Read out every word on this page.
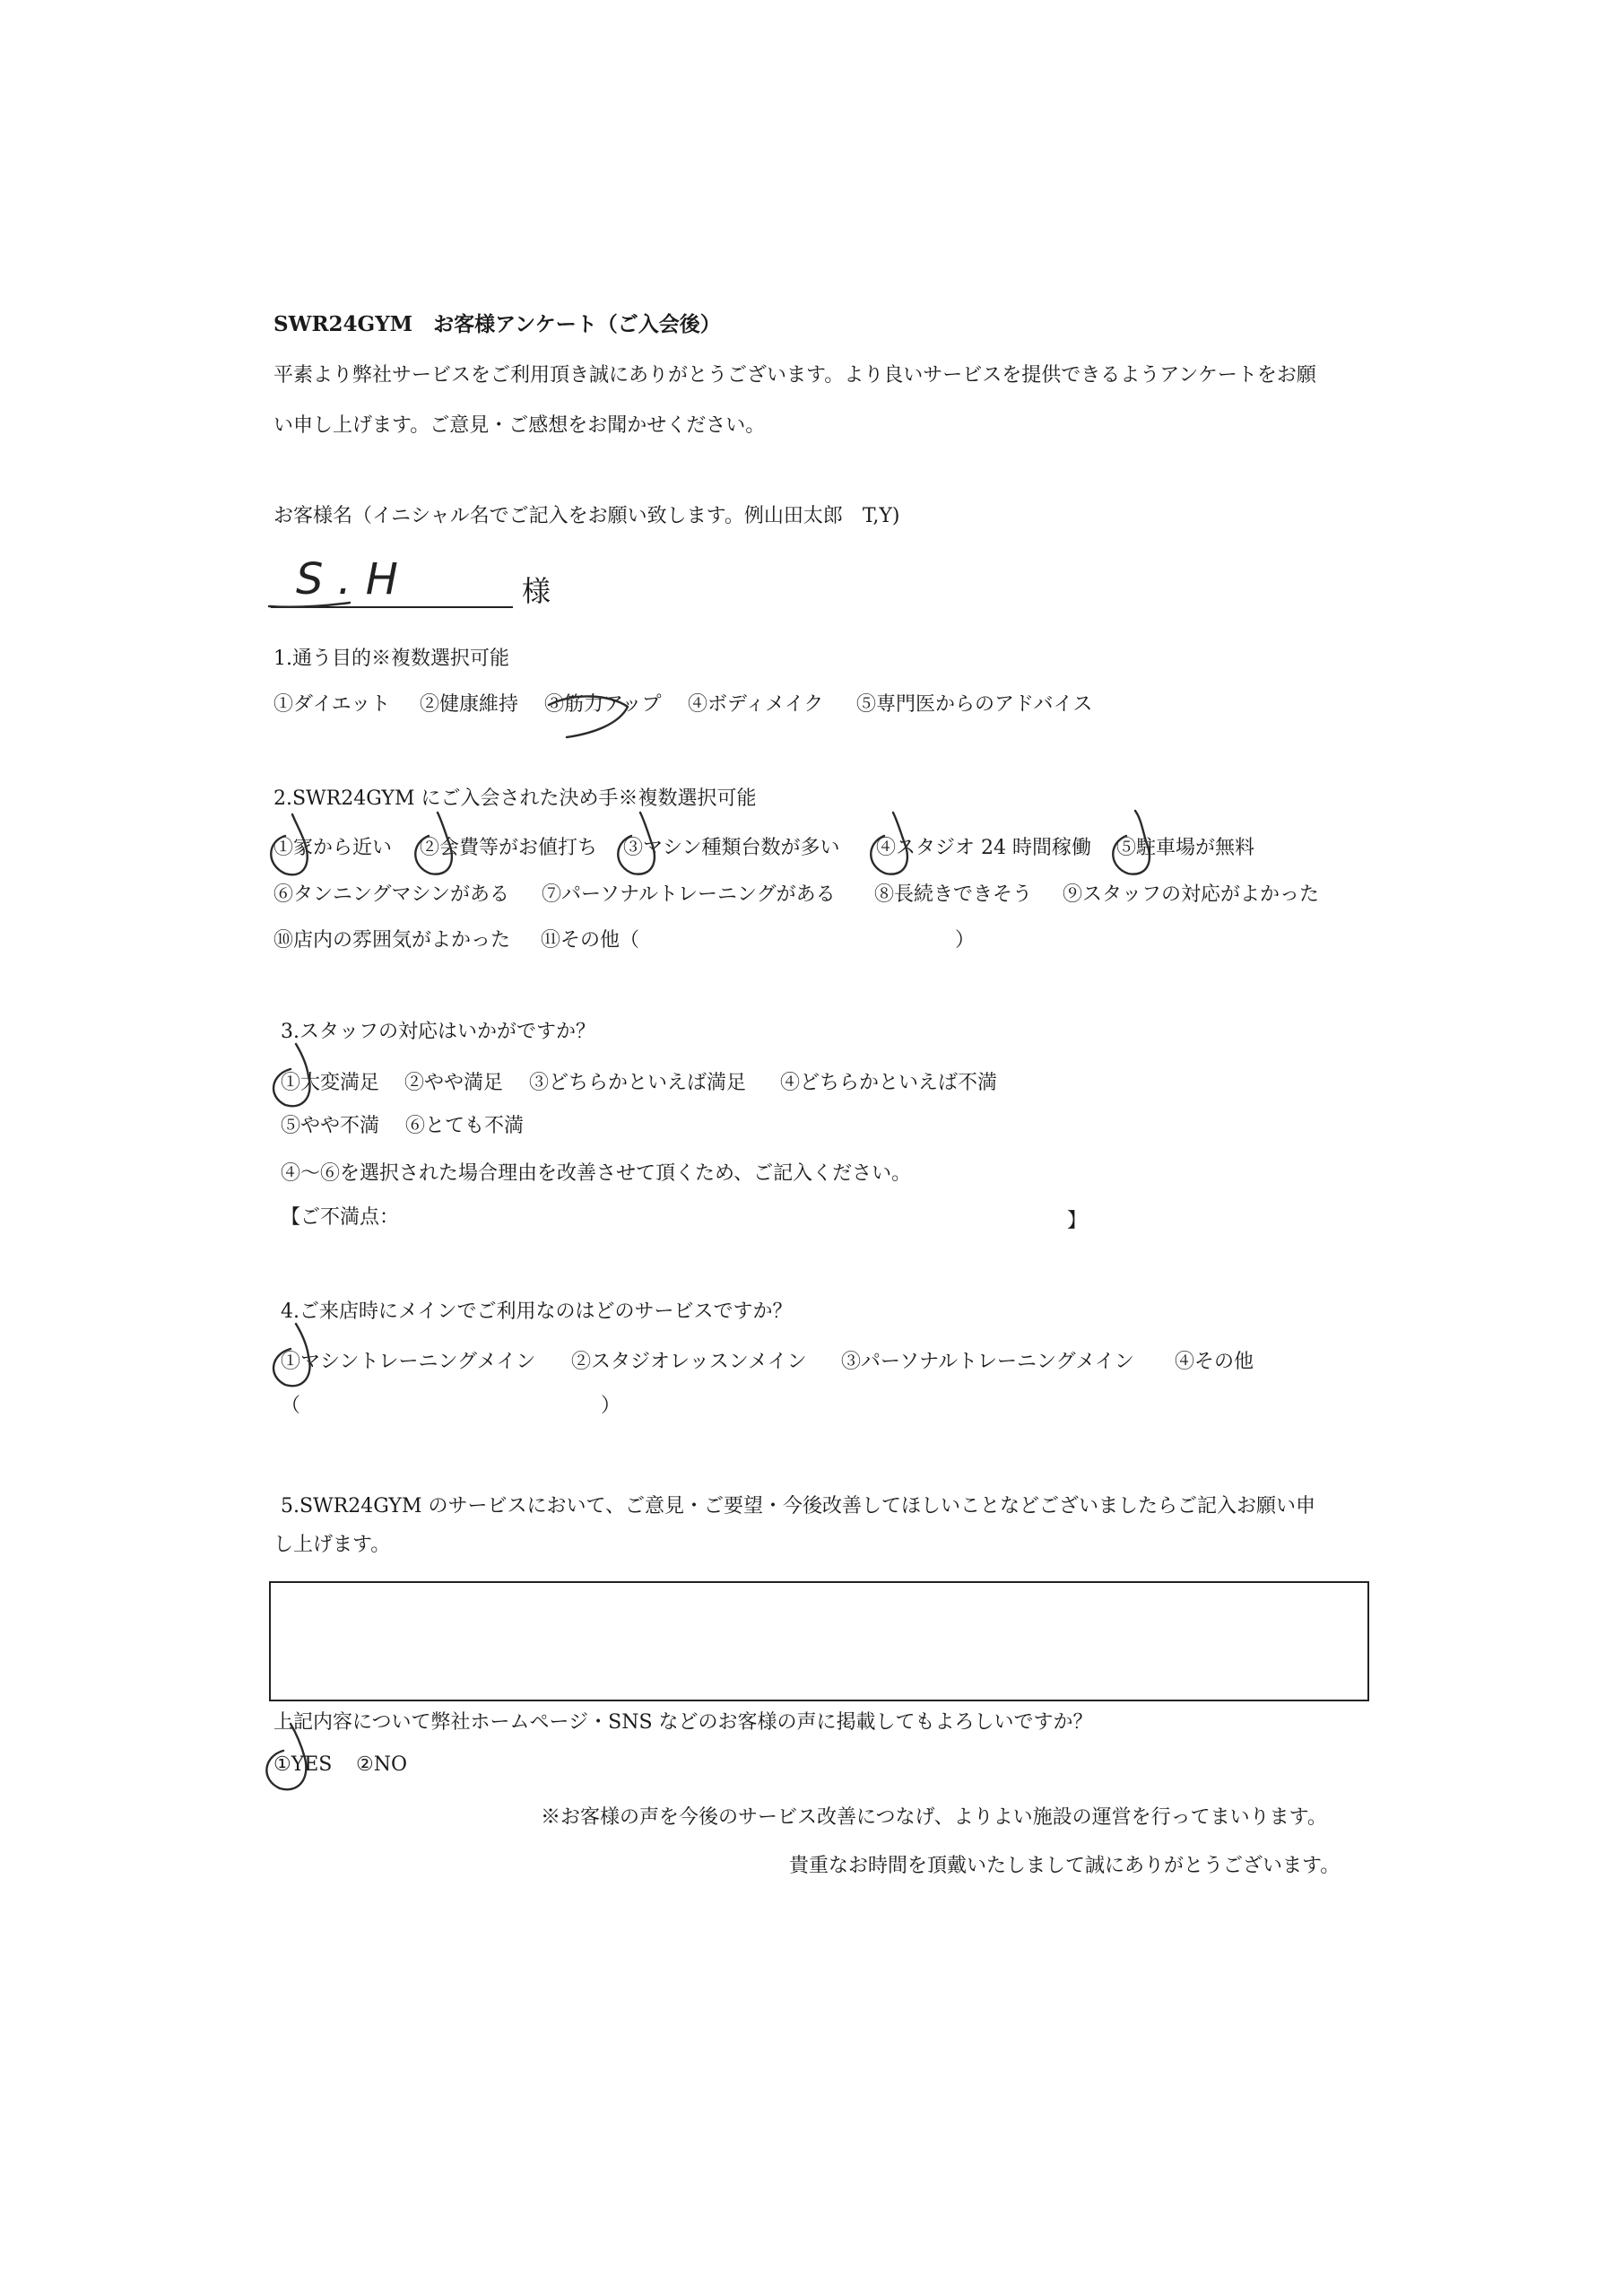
SWR24GYM　お客様アンケート（ご入会後）
平素より弊社サービスをご利用頂き誠にありがとうございます。より良いサービスを提供できるようアンケートをお願
い申し上げます。ご意見・ご感想をお聞かせください。
お客様名（イニシャル名でご記入をお願い致します。例山田太郎　T,Y)
S.H	様
1.通う目的※複数選択可能
①ダイエット ②健康維持 ③筋力アップ ④ボディメイク ⑤専門医からのアドバイス
2.SWR24GYM にご入会された決め手※複数選択可能
①家から近い ②会費等がお値打ち ③マシン種類台数が多い ④スタジオ 24 時間稼働 ⑤駐車場が無料
⑥タンニングマシンがある ⑦パーソナルトレーニングがある ⑧長続きできそう ⑨スタッフの対応がよかった
⑩店内の雰囲気がよかった ⑪その他（	）
3.スタッフの対応はいかがですか？
①大変満足 ②やや満足 ③どちらかといえば満足 ④どちらかといえば不満
⑤やや不満 ⑥とても不満
④～⑥を選択された場合理由を改善させて頂くため、ご記入ください。
【ご不満点：	】
4.ご来店時にメインでご利用なのはどのサービスですか？
①マシントレーニングメイン ②スタジオレッスンメイン ③パーソナルトレーニングメイン ④その他
（	）
5.SWR24GYM のサービスにおいて、ご意見・ご要望・今後改善してほしいことなどございましたらご記入お願い申
し上げます。
上記内容について弊社ホームページ・SNS などのお客様の声に掲載してもよろしいですか？
①YES ②NO
※お客様の声を今後のサービス改善につなげ、よりよい施設の運営を行ってまいります。
貴重なお時間を頂戴いたしまして誠にありがとうございます。
